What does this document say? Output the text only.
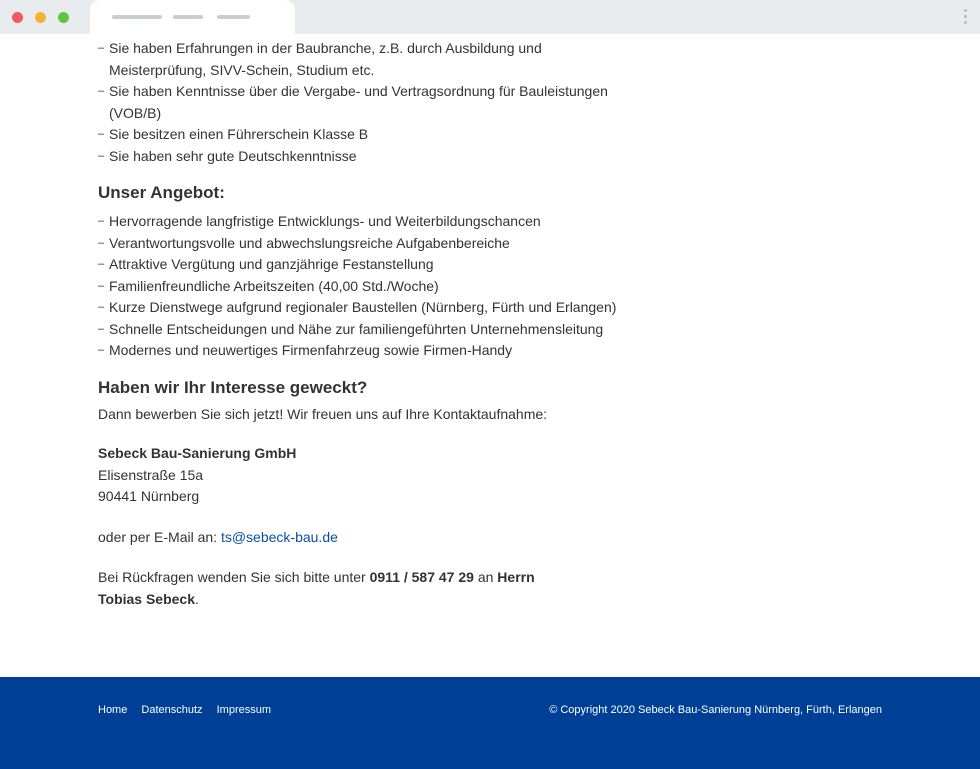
– Sie haben Erfahrungen in der Baubranche, z.B. durch Ausbildung und Meisterprüfung, SIVV-Schein, Studium etc.
– Sie haben Kenntnisse über die Vergabe- und Vertragsordnung für Bauleistungen (VOB/B)
– Sie besitzen einen Führerschein Klasse B
– Sie haben sehr gute Deutschkenntnisse
Unser Angebot:
– Hervorragende langfristige Entwicklungs- und Weiterbildungschancen
– Verantwortungsvolle und abwechslungsreiche Aufgabenbereiche
– Attraktive Vergütung und ganzjährige Festanstellung
– Familienfreundliche Arbeitszeiten (40,00 Std./Woche)
– Kurze Dienstwege aufgrund regionaler Baustellen (Nürnberg, Fürth und Erlangen)
– Schnelle Entscheidungen und Nähe zur familiengeführten Unternehmensleitung
– Modernes und neuwertiges Firmenfahrzeug sowie Firmen-Handy
Haben wir Ihr Interesse geweckt?

Dann bewerben Sie sich jetzt! Wir freuen uns auf Ihre Kontaktaufnahme:

Sebeck Bau-Sanierung GmbH
Elisenstraße 15a
90441 Nürnberg

oder per E-Mail an: ts@sebeck-bau.de

Bei Rückfragen wenden Sie sich bitte unter 0911 / 587 47 29 an Herrn Tobias Sebeck.

Home Datenschutz Impressum	© Copyright 2020 Sebeck Bau-Sanierung Nürnberg, Fürth, Erlangen
